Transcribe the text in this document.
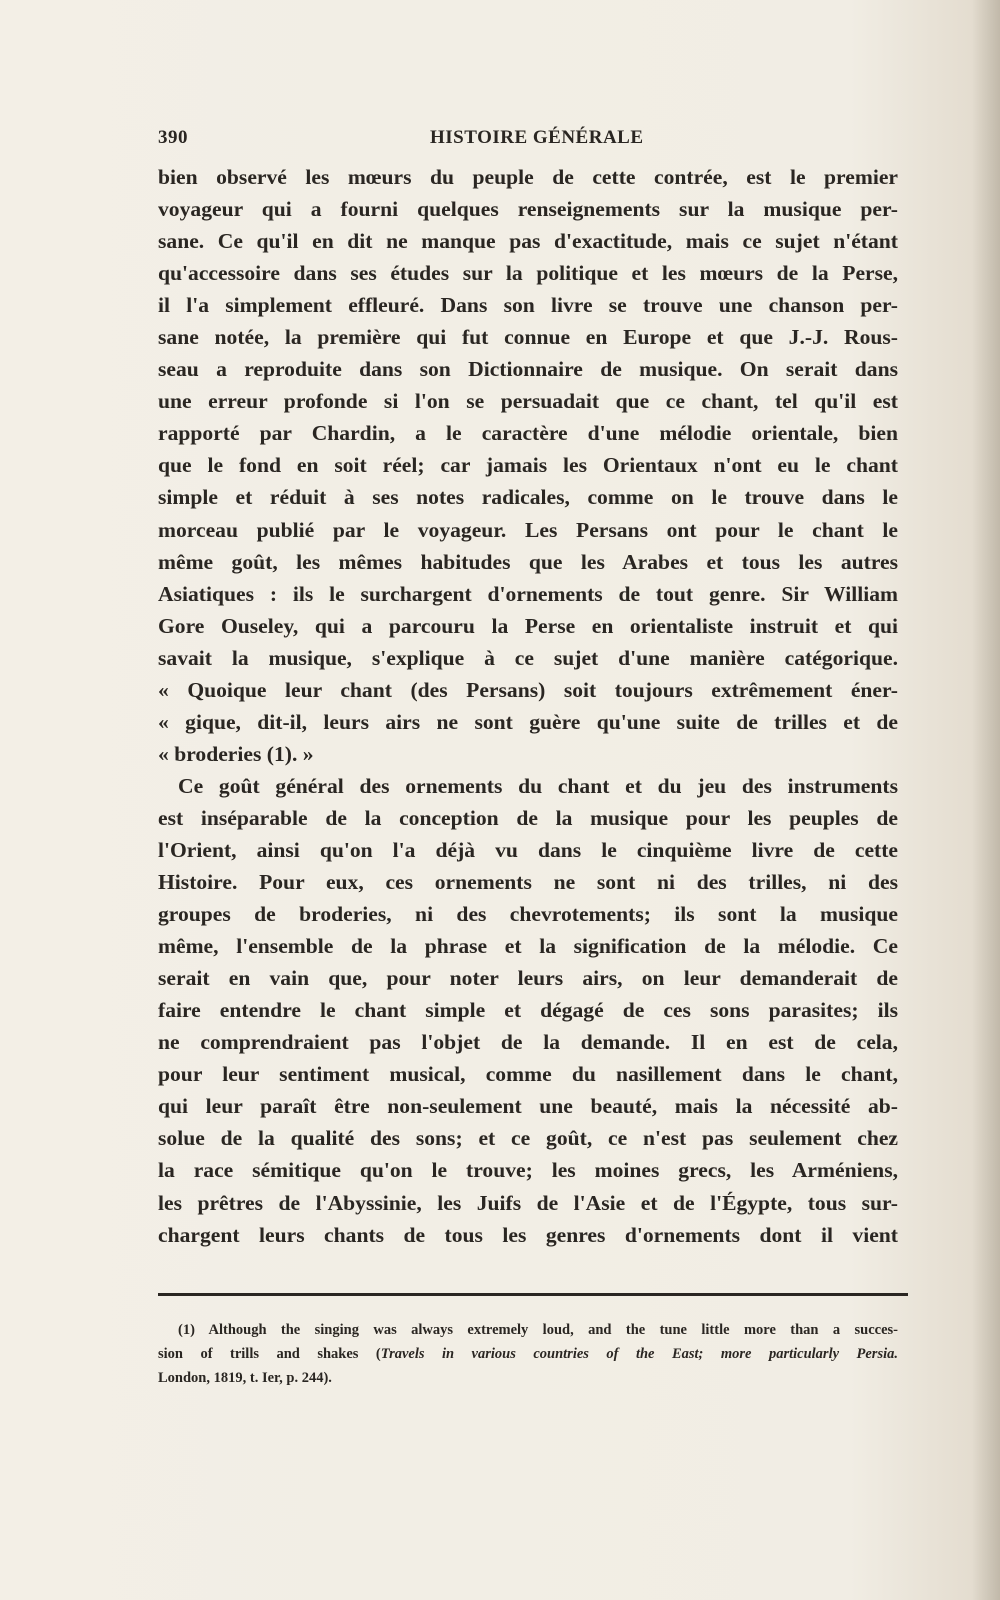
390	HISTOIRE GÉNÉRALE
bien observé les mœurs du peuple de cette contrée, est le premier
voyageur qui a fourni quelques renseignements sur la musique per-
sane. Ce qu'il en dit ne manque pas d'exactitude, mais ce sujet n'étant
qu'accessoire dans ses études sur la politique et les mœurs de la Perse,
il l'a simplement effleuré. Dans son livre se trouve une chanson per-
sane notée, la première qui fut connue en Europe et que J.-J. Rous-
seau a reproduite dans son Dictionnaire de musique. On serait dans
une erreur profonde si l'on se persuadait que ce chant, tel qu'il est
rapporté par Chardin, a le caractère d'une mélodie orientale, bien
que le fond en soit réel; car jamais les Orientaux n'ont eu le chant
simple et réduit à ses notes radicales, comme on le trouve dans le
morceau publié par le voyageur. Les Persans ont pour le chant le
même goût, les mêmes habitudes que les Arabes et tous les autres
Asiatiques : ils le surchargent d'ornements de tout genre. Sir William
Gore Ouseley, qui a parcouru la Perse en orientaliste instruit et qui
savait la musique, s'explique à ce sujet d'une manière catégorique.
« Quoique leur chant (des Persans) soit toujours extrêmement éner-
« gique, dit-il, leurs airs ne sont guère qu'une suite de trilles et de
« broderies (1). »
Ce goût général des ornements du chant et du jeu des instruments
est inséparable de la conception de la musique pour les peuples de
l'Orient, ainsi qu'on l'a déjà vu dans le cinquième livre de cette
Histoire. Pour eux, ces ornements ne sont ni des trilles, ni des
groupes de broderies, ni des chevrotements; ils sont la musique
même, l'ensemble de la phrase et la signification de la mélodie. Ce
serait en vain que, pour noter leurs airs, on leur demanderait de
faire entendre le chant simple et dégagé de ces sons parasites; ils
ne comprendraient pas l'objet de la demande. Il en est de cela,
pour leur sentiment musical, comme du nasillement dans le chant,
qui leur paraît être non-seulement une beauté, mais la nécessité ab-
solue de la qualité des sons; et ce goût, ce n'est pas seulement chez
la race sémitique qu'on le trouve; les moines grecs, les Arméniens,
les prêtres de l'Abyssinie, les Juifs de l'Asie et de l'Égypte, tous sur-
chargent leurs chants de tous les genres d'ornements dont il vient
(1) Although the singing was always extremely loud, and the tune little more than a succes-
sion of trills and shakes (Travels in various countries of the East; more particularly Persia.
London, 1819, t. Ier, p. 244).
